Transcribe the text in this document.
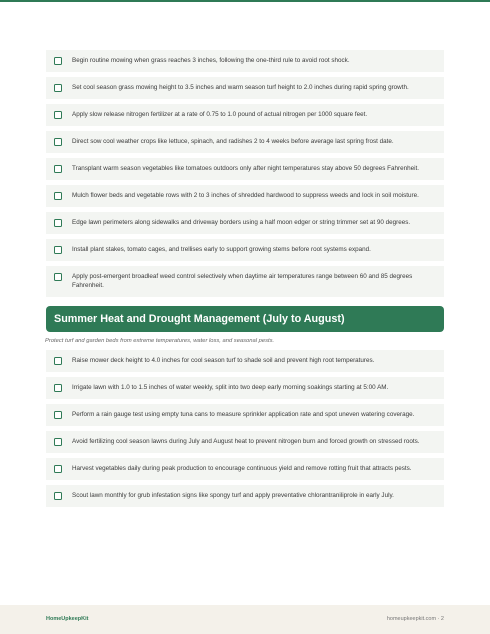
Begin routine mowing when grass reaches 3 inches, following the one-third rule to avoid root shock.
Set cool season grass mowing height to 3.5 inches and warm season turf height to 2.0 inches during rapid spring growth.
Apply slow release nitrogen fertilizer at a rate of 0.75 to 1.0 pound of actual nitrogen per 1000 square feet.
Direct sow cool weather crops like lettuce, spinach, and radishes 2 to 4 weeks before average last spring frost date.
Transplant warm season vegetables like tomatoes outdoors only after night temperatures stay above 50 degrees Fahrenheit.
Mulch flower beds and vegetable rows with 2 to 3 inches of shredded hardwood to suppress weeds and lock in soil moisture.
Edge lawn perimeters along sidewalks and driveway borders using a half moon edger or string trimmer set at 90 degrees.
Install plant stakes, tomato cages, and trellises early to support growing stems before root systems expand.
Apply post-emergent broadleaf weed control selectively when daytime air temperatures range between 60 and 85 degrees Fahrenheit.
Summer Heat and Drought Management (July to August)
Protect turf and garden beds from extreme temperatures, water loss, and seasonal pests.
Raise mower deck height to 4.0 inches for cool season turf to shade soil and prevent high root temperatures.
Irrigate lawn with 1.0 to 1.5 inches of water weekly, split into two deep early morning soakings starting at 5:00 AM.
Perform a rain gauge test using empty tuna cans to measure sprinkler application rate and spot uneven watering coverage.
Avoid fertilizing cool season lawns during July and August heat to prevent nitrogen burn and forced growth on stressed roots.
Harvest vegetables daily during peak production to encourage continuous yield and remove rotting fruit that attracts pests.
Scout lawn monthly for grub infestation signs like spongy turf and apply preventative chlorantraniliprole in early July.
HomeUpkeepKit	homeupkeepkit.com · 2
